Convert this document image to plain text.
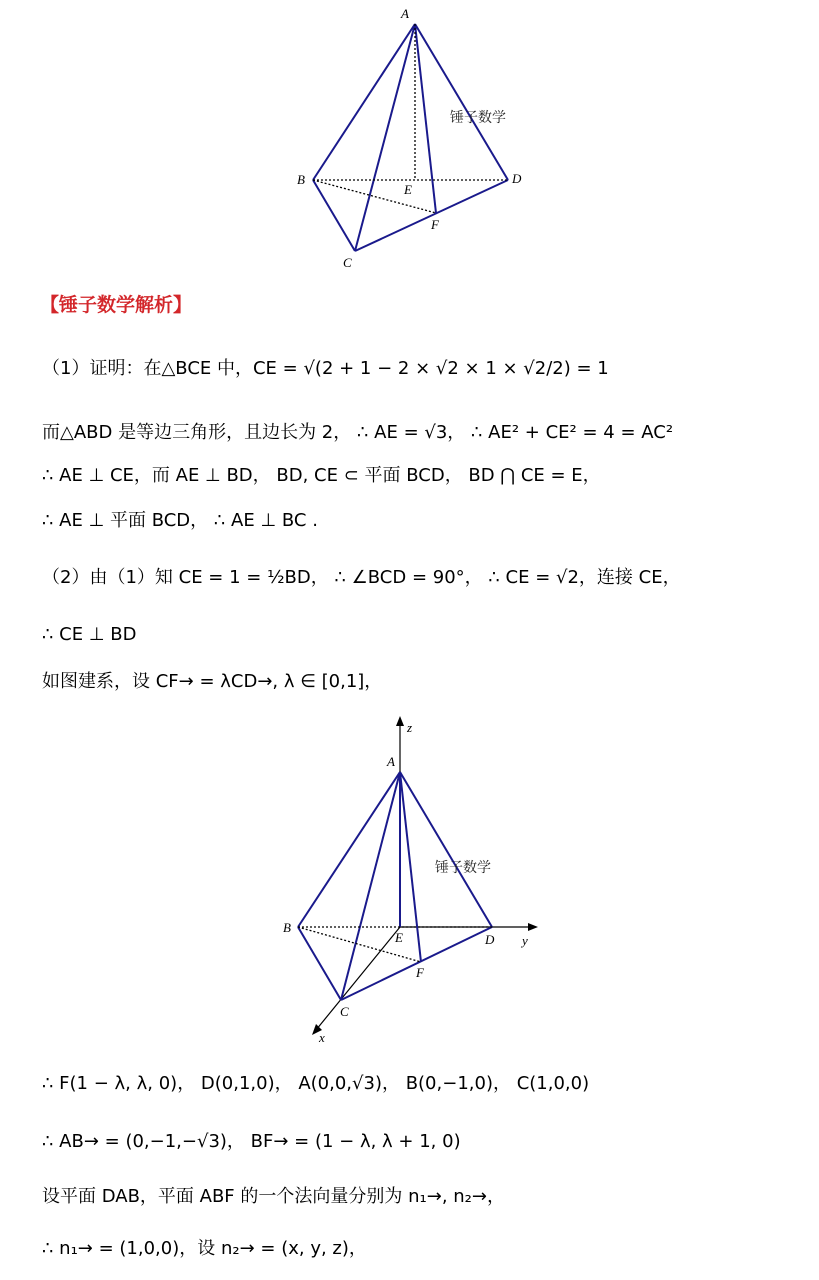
A
B
C
D
E
F
锤子数学
【锤子数学解析】
（1）证明：在△BCE 中，CE = √(2 + 1 − 2 × √2 × 1 × √2/2) = 1
而△ABD 是等边三角形，且边长为 2， ∴ AE = √3， ∴ AE² + CE² = 4 = AC²
∴ AE ⊥ CE，而 AE ⊥ BD， BD, CE ⊂ 平面 BCD， BD ⋂ CE = E，
∴ AE ⊥ 平面 BCD， ∴ AE ⊥ BC .
（2）由（1）知 CE = 1 = ½BD， ∴ ∠BCD = 90°， ∴ CE = √2，连接 CE，
∴ CE ⊥ BD
如图建系，设 CF→ = λCD→, λ ∈ [0,1]，
z
A
B
E	D y
F
C
x
锤子数学
∴ F(1 − λ, λ, 0)， D(0,1,0)， A(0,0,√3)， B(0,−1,0)， C(1,0,0)
∴ AB→ = (0,−1,−√3)， BF→ = (1 − λ, λ + 1, 0)
设平面 DAB，平面 ABF 的一个法向量分别为 n₁→, n₂→，
∴ n₁→ = (1,0,0)，设 n₂→ = (x, y, z)，
